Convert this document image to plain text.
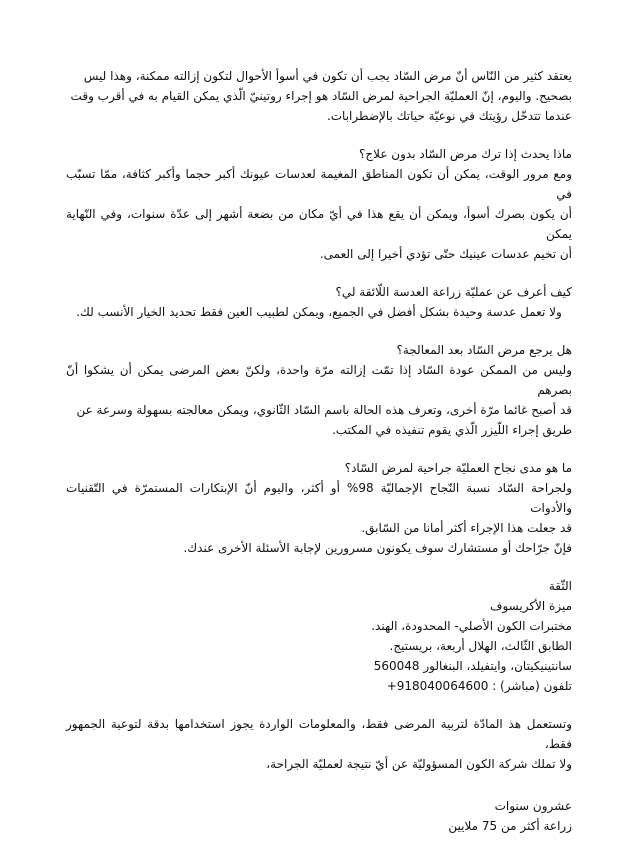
يعتقد كثير من النّاس أنّ مرض السّاد يجب أن تكون في أسوأ الأحوال لتكون إزالته ممكنة، وهذا ليس

بصحيح. واليوم، إنّ العمليّة الجراحية لمرض السّاد هو إجراء روتينيّ الّذي يمكن القيام به في أقرب وقت

عندما تتدخّل رؤيتك في نوعيّة حياتك بالإضطرابات.

ماذا يحدث إذا ترك مرض السّاد بدون علاج؟

ومع مرور الوقت، يمكن أن تكون المناطق المغيمة لعدسات عيونك أكبر حجما وأكبر كثافة، ممّا تسبّب في

أن يكون بصرك أسوأ، ويمكن أن يقع هذا في أيّ مكان من بضعة أشهر إلى عدّة سنوات، وفي النّهاية يمكن

أن تخيم عدسات عينيك حتّى تؤدي أخيرا إلى العمى.

كيف أعرف عن عمليّة زراعة العدسة اللّائقة لي؟

ولا تعمل عدسة وحيدة بشكل أفضل في الجميع، ويمكن لطبيب العين فقط تحديد الخيار الأنسب لك.

هل يرجع مرض السّاد بعد المعالجة؟

وليس من الممكن عودة السّاد إذا تمّت إزالته مرّة واحدة، ولكنّ بعض المرضى يمكن أن يشكوا أنّ بصرهم

قد أصبح غائما مرّة أخرى، وتعرف هذه الحالة باسم السّاد الثّانوي، ويمكن معالجته بسهولة وسرعة عن

طريق إجراء اللّيزر الّذي يقوم تنفيذه في المكتب.

ما هو مدى نجاح العمليّة جراحية لمرض السّاد؟

ولجراحة السّاد نسبة النّجاح الإجماليّة 98% أو أكثر، واليوم أنّ الإبتكارات المستمرّة في التّقنيات والأدوات

قد جعلت هذا الإجراء أكثر أمانا من السّابق.

فإنّ جرّاحك أو مستشارك سوف يكونون مسرورين لإجابة الأسئلة الأخرى عندك.

الثّقة

ميزة الأكريسوف

مختبرات الكون الأصلي- المحدودة، الهند.

الطابق الثّالث، الهلال أربعة، بريستيج.

سانتينيكيتان، وايتفيلد، البنغالور 560048

تلفون (مباشر) : 918040064600+

وتستعمل هذ المادّة لتربية المرضى فقط، والمعلومات الواردة يجوز استخدامها بدقة لتوعية الجمهور فقط،

ولا تملك شركة الكون المسؤوليّة عن أيّ نتيجة لعمليّة الجراحة،

عشرون سنوات

زراعة أكثر من 75 ملايين
